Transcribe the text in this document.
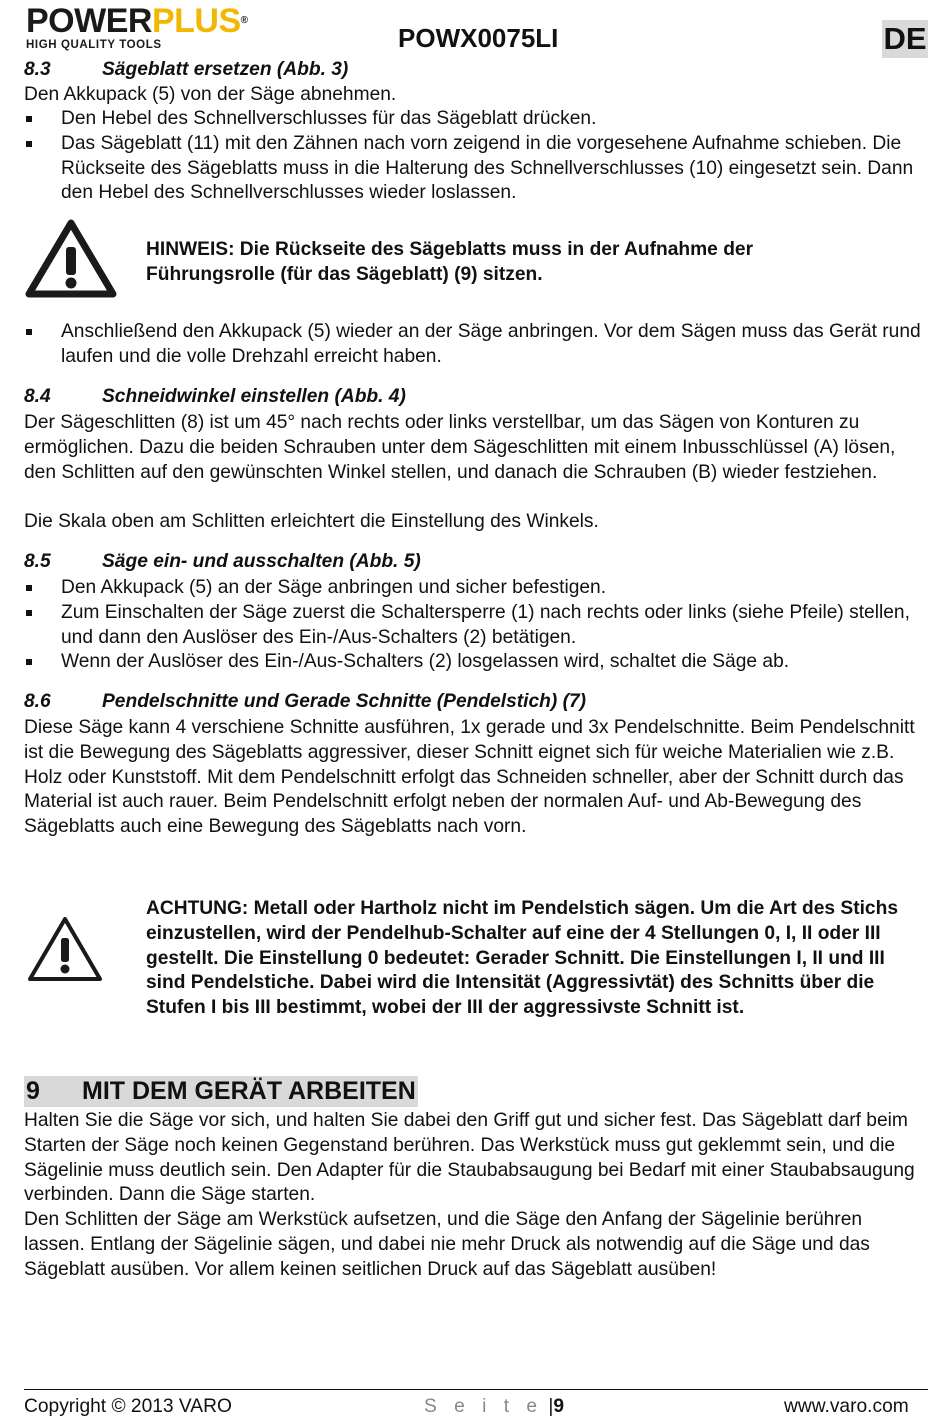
POWERPLUS®
HIGH QUALITY TOOLS	POWX0075LI	DE
8.3	Sägeblatt ersetzen (Abb. 3)
Den Akkupack (5) von der Säge abnehmen.
Den Hebel des Schnellverschlusses für das Sägeblatt drücken.
Das Sägeblatt (11) mit den Zähnen nach vorn zeigend in die vorgesehene Aufnahme schieben. Die Rückseite des Sägeblatts muss in die Halterung des Schnellverschlusses (10) eingesetzt sein. Dann den Hebel des Schnellverschlusses wieder loslassen.
HINWEIS: Die Rückseite des Sägeblatts muss in der Aufnahme der Führungsrolle (für das Sägeblatt) (9) sitzen.
Anschließend den Akkupack (5) wieder an der Säge anbringen. Vor dem Sägen muss das Gerät rund laufen und die volle Drehzahl erreicht haben.
8.4	Schneidwinkel einstellen (Abb. 4)
Der Sägeschlitten (8) ist um 45° nach rechts oder links verstellbar, um das Sägen von Konturen zu ermöglichen. Dazu die beiden Schrauben unter dem Sägeschlitten mit einem Inbusschlüssel (A) lösen, den Schlitten auf den gewünschten Winkel stellen, und danach die Schrauben (B) wieder festziehen.
Die Skala oben am Schlitten erleichtert die Einstellung des Winkels.
8.5	Säge ein- und ausschalten (Abb. 5)
Den Akkupack (5) an der Säge anbringen und sicher befestigen.
Zum Einschalten der Säge zuerst die Schaltersperre (1) nach rechts oder links (siehe Pfeile) stellen, und dann den Auslöser des Ein-/Aus-Schalters (2) betätigen.
Wenn der Auslöser des Ein-/Aus-Schalters (2) losgelassen wird, schaltet die Säge ab.
8.6	Pendelschnitte und Gerade Schnitte (Pendelstich) (7)
Diese Säge kann 4 verschiene Schnitte ausführen, 1x gerade und 3x Pendelschnitte. Beim Pendelschnitt ist die Bewegung des Sägeblatts aggressiver, dieser Schnitt eignet sich für weiche Materialien wie z.B. Holz oder Kunststoff. Mit dem Pendelschnitt erfolgt das Schneiden schneller, aber der Schnitt durch das Material ist auch rauer. Beim Pendelschnitt erfolgt neben der normalen Auf- und Ab-Bewegung des Sägeblatts auch eine Bewegung des Sägeblatts nach vorn.
ACHTUNG: Metall oder Hartholz nicht im Pendelstich sägen. Um die Art des Stichs einzustellen, wird der Pendelhub-Schalter auf eine der 4 Stellungen 0, I, II oder III gestellt. Die Einstellung 0 bedeutet: Gerader Schnitt. Die Einstellungen I, II und III sind Pendelstiche. Dabei wird die Intensität (Aggressivtät) des Schnitts über die Stufen I bis III bestimmt, wobei der III der aggressivste Schnitt ist.
9 MIT DEM GERÄT ARBEITEN
Halten Sie die Säge vor sich, und halten Sie dabei den Griff gut und sicher fest. Das Sägeblatt darf beim Starten der Säge noch keinen Gegenstand berühren. Das Werkstück muss gut geklemmt sein, und die Sägelinie muss deutlich sein. Den Adapter für die Staubabsaugung bei Bedarf mit einer Staubabsaugung verbinden. Dann die Säge starten.
Den Schlitten der Säge am Werkstück aufsetzen, und die Säge den Anfang der Sägelinie berühren lassen. Entlang der Sägelinie sägen, und dabei nie mehr Druck als notwendig auf die Säge und das Sägeblatt ausüben. Vor allem keinen seitlichen Druck auf das Sägeblatt ausüben!
Copyright © 2013 VARO	S e i t e |9	www.varo.com
